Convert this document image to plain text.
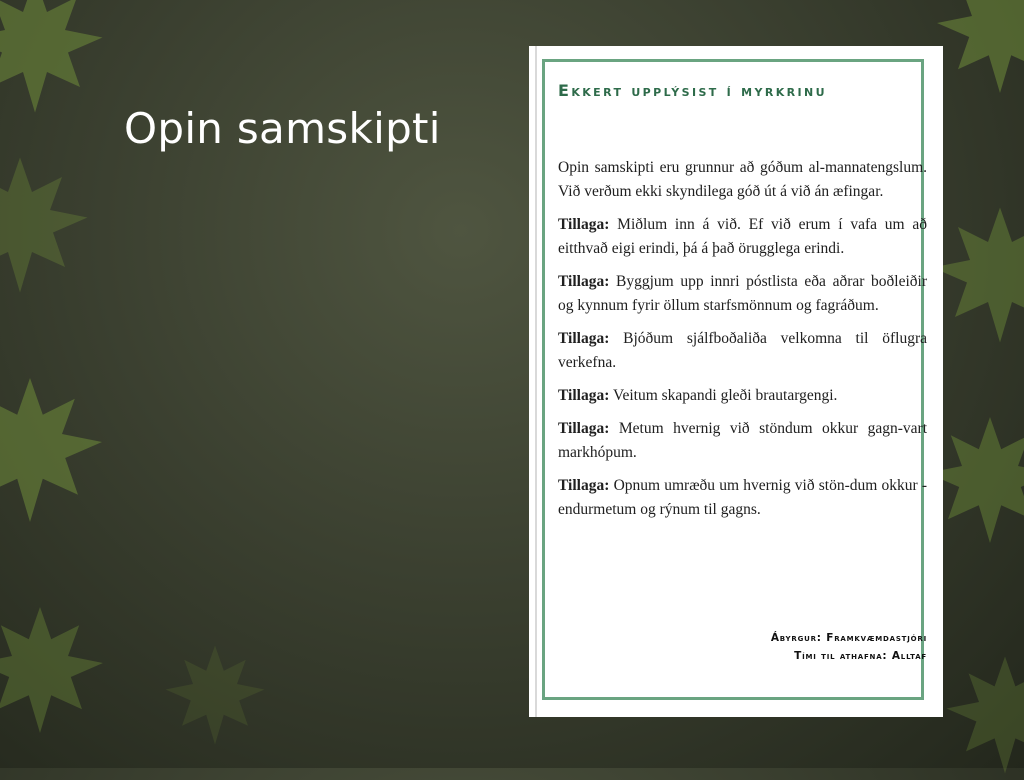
Opin samskipti
Ekkert upplýsist í myrkrinu

Opin samskipti eru grunnur að góðum al-mannatengslum. Við verðum ekki skyndilega góð út á við án æfingar.

Tillaga: Miðlum inn á við. Ef við erum í vafa um að eitthvað eigi erindi, þá á það örugglega erindi.

Tillaga: Byggjum upp innri póstlista eða aðrar boðleiðir og kynnum fyrir öllum starfsmönnum og fagráðum.

Tillaga: Bjóðum sjálfboðaliða velkomna til öflugra verkefna.

Tillaga: Veitum skapandi gleði brautargengi.

Tillaga: Metum hvernig við stöndum okkur gagn-vart markhópum.

Tillaga: Opnum umræðu um hvernig við stön-dum okkur - endurmetum og rýnum til gagns.

Ábyrgur: Framkvæmdastjóri
Tími til athafna: Alltaf
